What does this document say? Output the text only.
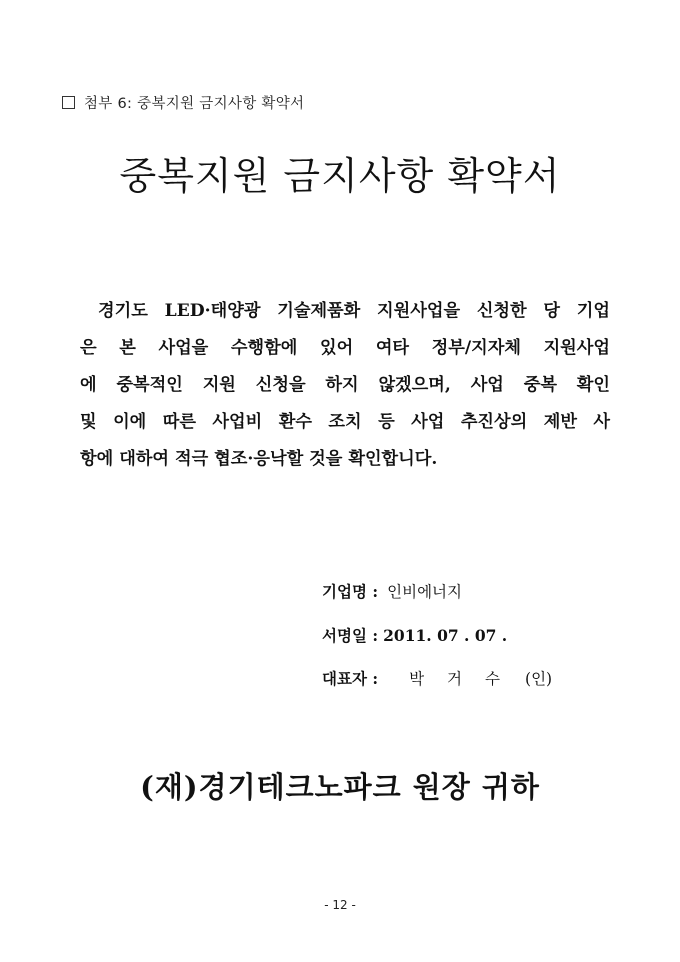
첨부 6: 중복지원 금지사항 확약서
중복지원 금지사항 확약서
경기도 LED·태양광 기술제품화 지원사업을 신청한 당 기업
은 본 사업을 수행함에 있어 여타 정부/지자체 지원사업
에 중복적인 지원 신청을 하지 않겠으며, 사업 중복 확인
및 이에 따른 사업비 환수 조치 등 사업 추진상의 제반 사
항에 대하여 적극 협조·응낙할 것을 확인합니다.
기업명 : 인비에너지
서명일 : 2011. 07 . 07 .
대표자 : 박 거 수 (인)
(재)경기테크노파크 원장 귀하
- 12 -
